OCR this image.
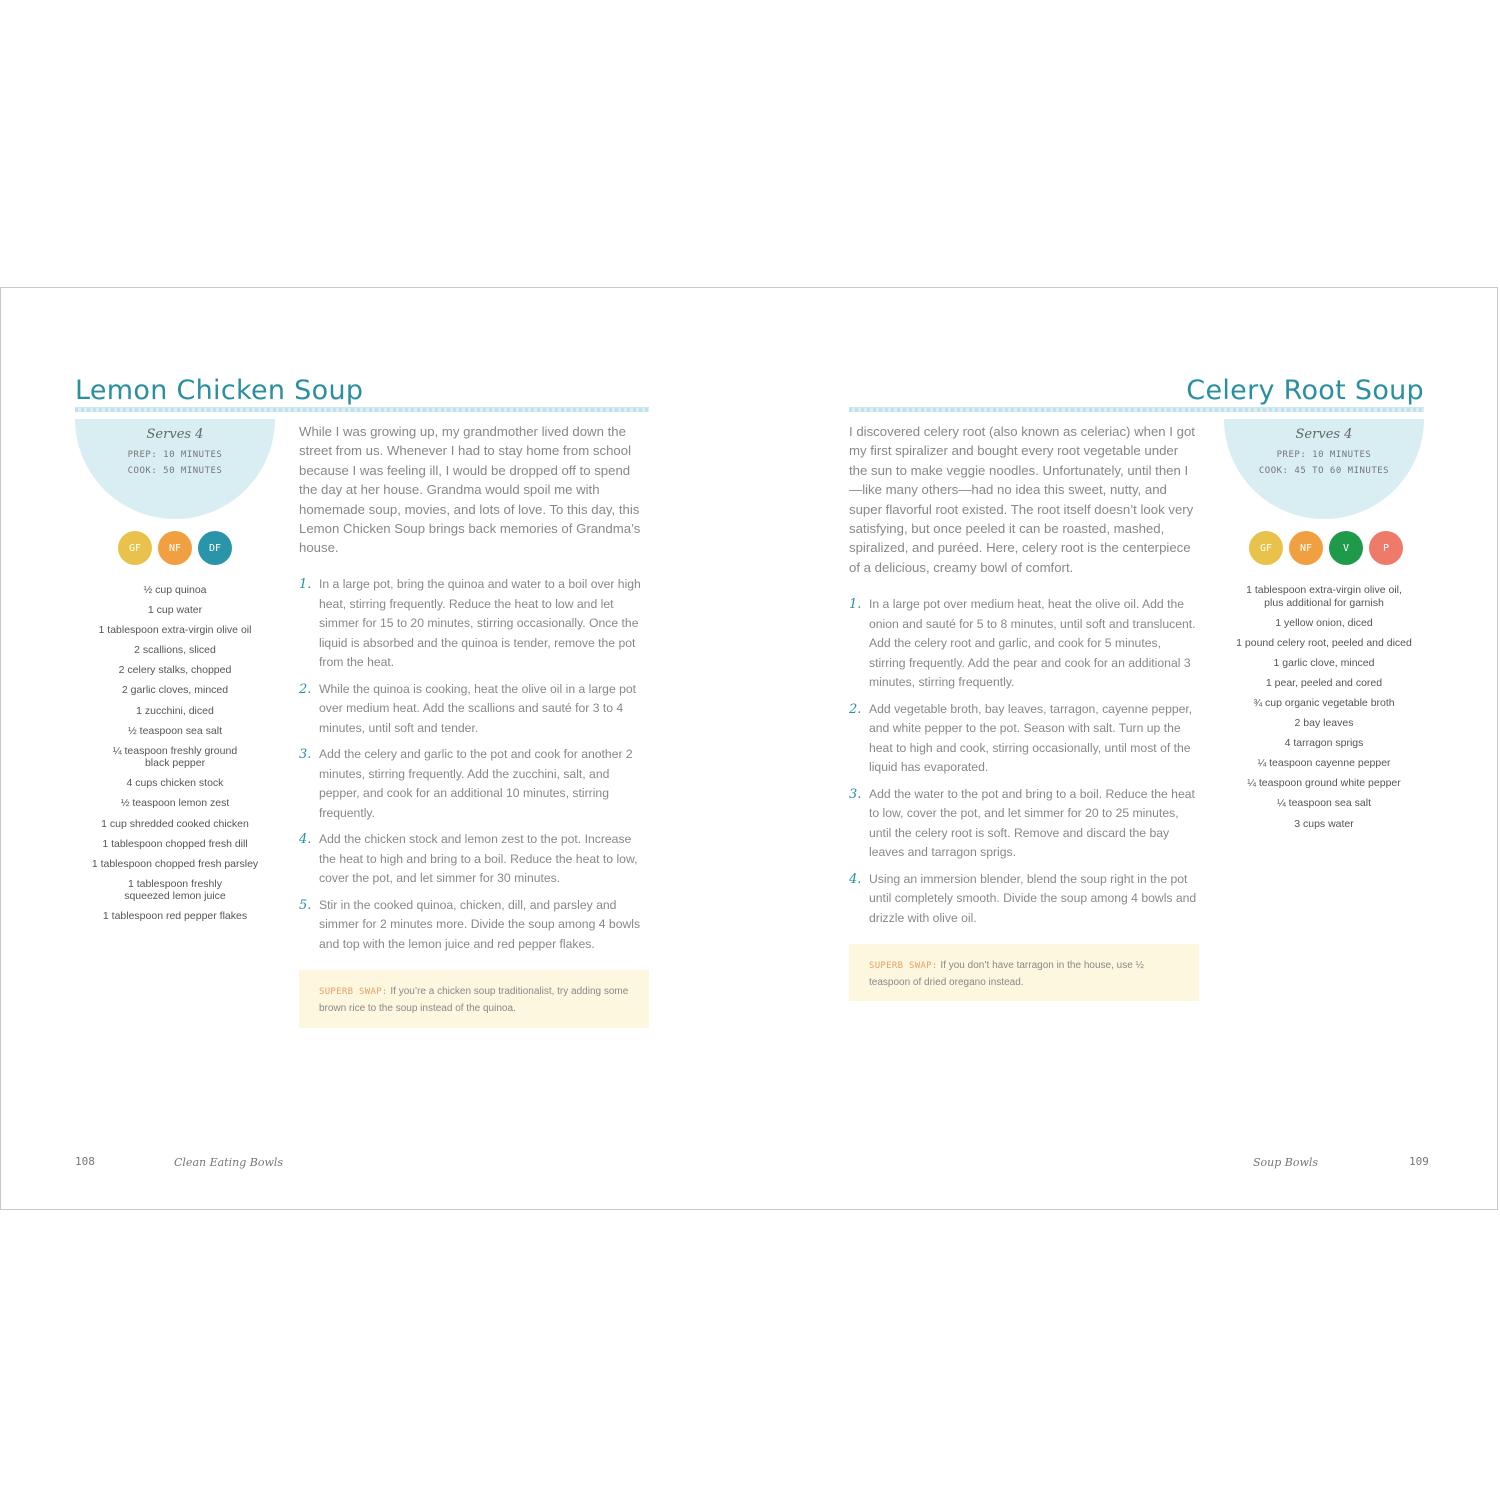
Lemon Chicken Soup
Serves 4
PREP: 10 MINUTES
COOK: 50 MINUTES
GF	NF	DF
½ cup quinoa
1 cup water
1 tablespoon extra-virgin olive oil
2 scallions, sliced
2 celery stalks, chopped
2 garlic cloves, minced
1 zucchini, diced
½ teaspoon sea salt
¼ teaspoon freshly ground
black pepper
4 cups chicken stock
½ teaspoon lemon zest
1 cup shredded cooked chicken
1 tablespoon chopped fresh dill
1 tablespoon chopped fresh parsley
1 tablespoon freshly
squeezed lemon juice
1 tablespoon red pepper flakes

While I was growing up, my grandmother lived down the street from us. Whenever I had to stay home from school because I was feeling ill, I would be dropped off to spend the day at her house. Grandma would spoil me with homemade soup, movies, and lots of love. To this day, this Lemon Chicken Soup brings back memories of Grandma’s house.

1. In a large pot, bring the quinoa and water to a boil over high heat, stirring frequently. Reduce the heat to low and let simmer for 15 to 20 minutes, stirring occasionally. Once the liquid is absorbed and the quinoa is tender, remove the pot from the heat.
2. While the quinoa is cooking, heat the olive oil in a large pot over medium heat. Add the scallions and sauté for 3 to 4 minutes, until soft and tender.
3. Add the celery and garlic to the pot and cook for another 2 minutes, stirring frequently. Add the zucchini, salt, and pepper, and cook for an additional 10 minutes, stirring frequently.
4. Add the chicken stock and lemon zest to the pot. Increase the heat to high and bring to a boil. Reduce the heat to low, cover the pot, and let simmer for 30 minutes.
5. Stir in the cooked quinoa, chicken, dill, and parsley and simmer for 2 minutes more. Divide the soup among 4 bowls and top with the lemon juice and red pepper flakes.
SUPERB SWAP: If you’re a chicken soup traditionalist, try adding some brown rice to the soup instead of the quinoa.
108	Clean Eating Bowls
Celery Root Soup
Serves 4
PREP: 10 MINUTES
COOK: 45 TO 60 MINUTES
GF	NF	V	P
1 tablespoon extra-virgin olive oil,
plus additional for garnish
1 yellow onion, diced
1 pound celery root, peeled and diced
1 garlic clove, minced
1 pear, peeled and cored
¾ cup organic vegetable broth
2 bay leaves
4 tarragon sprigs
¼ teaspoon cayenne pepper
¼ teaspoon ground white pepper
¼ teaspoon sea salt
3 cups water

I discovered celery root (also known as celeriac) when I got my first spiralizer and bought every root vegetable under the sun to make veggie noodles. Unfortunately, until then I—like many others—had no idea this sweet, nutty, and super flavorful root existed. The root itself doesn’t look very satisfying, but once peeled it can be roasted, mashed, spiralized, and puréed. Here, celery root is the centerpiece of a delicious, creamy bowl of comfort.

1. In a large pot over medium heat, heat the olive oil. Add the onion and sauté for 5 to 8 minutes, until soft and translucent. Add the celery root and garlic, and cook for 5 minutes, stirring frequently. Add the pear and cook for an additional 3 minutes, stirring frequently.
2. Add vegetable broth, bay leaves, tarragon, cayenne pepper, and white pepper to the pot. Season with salt. Turn up the heat to high and cook, stirring occasionally, until most of the liquid has evaporated.
3. Add the water to the pot and bring to a boil. Reduce the heat to low, cover the pot, and let simmer for 20 to 25 minutes, until the celery root is soft. Remove and discard the bay leaves and tarragon sprigs.
4. Using an immersion blender, blend the soup right in the pot until completely smooth. Divide the soup among 4 bowls and drizzle with olive oil.
SUPERB SWAP: If you don’t have tarragon in the house, use ½ teaspoon of dried oregano instead.
Soup Bowls	109
